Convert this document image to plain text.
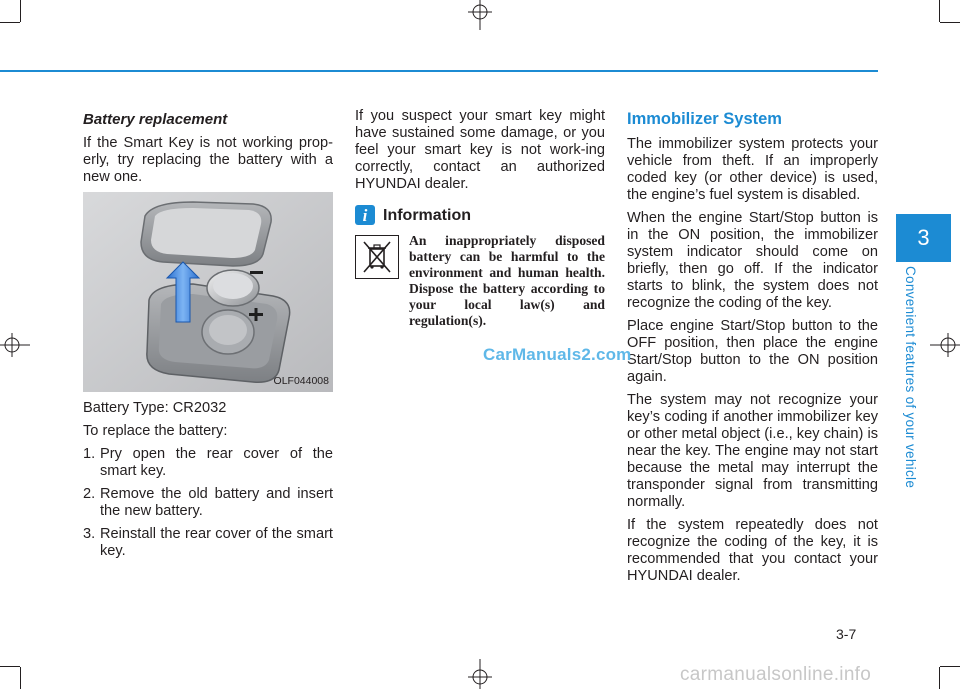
Battery replacement

If the Smart Key is not working prop-erly, try replacing the battery with a new one.

OLF044008

Battery Type: CR2032

To replace the battery:

1. Pry open the rear cover of the smart key.
2. Remove the old battery and insert the new battery.
3. Reinstall the rear cover of the smart key.

If you suspect your smart key might have sustained some damage, or you feel your smart key is not work-ing correctly, contact an authorized HYUNDAI dealer.

i Information

An inappropriately disposed battery can be harmful to the environment and human health. Dispose the battery according to your local law(s) and regulation(s).

Immobilizer System

The immobilizer system protects your vehicle from theft. If an improperly coded key (or other device) is used, the engine’s fuel system is disabled.

When the engine Start/Stop button is in the ON position, the immobilizer system indicator should come on briefly, then go off. If the indicator starts to blink, the system does not recognize the coding of the key.

Place engine Start/Stop button to the OFF position, then place the engine Start/Stop button to the ON position again.

The system may not recognize your key’s coding if another immobilizer key or other metal object (i.e., key chain) is near the key. The engine may not start because the metal may interrupt the transponder signal from transmitting normally.

If the system repeatedly does not recognize the coding of the key, it is recommended that you contact your HYUNDAI dealer.

CarManuals2.com
3
Convenient features of your vehicle
3-7
carmanualsonline.info
